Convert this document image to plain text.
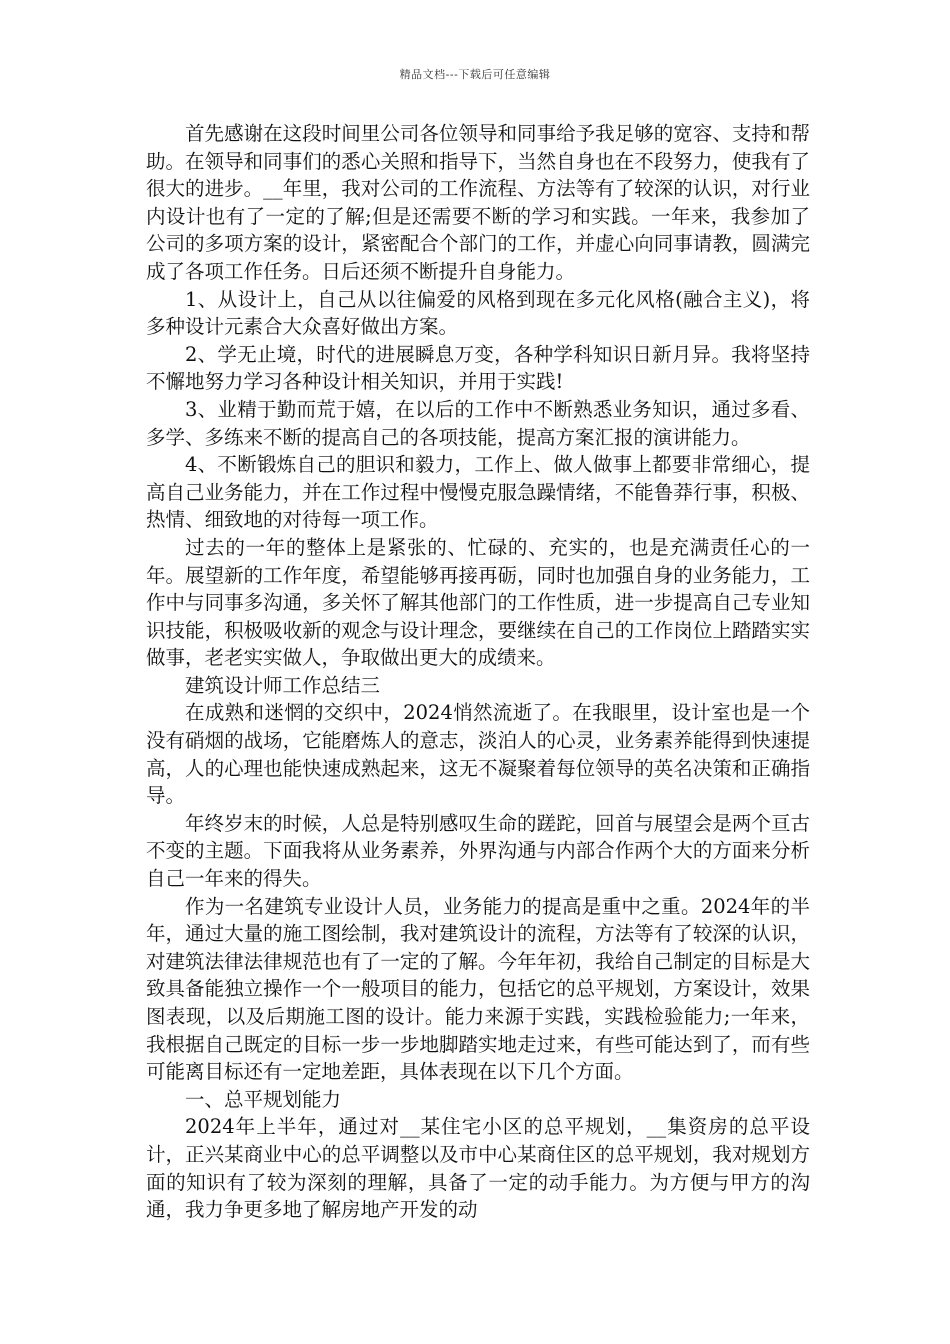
精品文档---下载后可任意编辑

首先感谢在这段时间里公司各位领导和同事给予我足够的宽容、支持和帮助。在领导和同事们的悉心关照和指导下，当然自身也在不段努力，使我有了很大的进步。__年里，我对公司的工作流程、方法等有了较深的认识，对行业内设计也有了一定的了解;但是还需要不断的学习和实践。一年来，我参加了公司的多项方案的设计，紧密配合个部门的工作，并虚心向同事请教，圆满完成了各项工作任务。日后还须不断提升自身能力。

1、从设计上，自己从以往偏爱的风格到现在多元化风格(融合主义)，将多种设计元素合大众喜好做出方案。

2、学无止境，时代的进展瞬息万变，各种学科知识日新月异。我将坚持不懈地努力学习各种设计相关知识，并用于实践!

3、业精于勤而荒于嬉，在以后的工作中不断熟悉业务知识，通过多看、多学、多练来不断的提高自己的各项技能，提高方案汇报的演讲能力。

4、不断锻炼自己的胆识和毅力，工作上、做人做事上都要非常细心，提高自己业务能力，并在工作过程中慢慢克服急躁情绪，不能鲁莽行事，积极、热情、细致地的对待每一项工作。

过去的一年的整体上是紧张的、忙碌的、充实的，也是充满责任心的一年。展望新的工作年度，希望能够再接再砺，同时也加强自身的业务能力，工作中与同事多沟通，多关怀了解其他部门的工作性质，进一步提高自己专业知识技能，积极吸收新的观念与设计理念，要继续在自己的工作岗位上踏踏实实做事，老老实实做人，争取做出更大的成绩来。

建筑设计师工作总结三

在成熟和迷惘的交织中，2024悄然流逝了。在我眼里，设计室也是一个没有硝烟的战场，它能磨炼人的意志，淡泊人的心灵，业务素养能得到快速提高，人的心理也能快速成熟起来，这无不凝聚着每位领导的英名决策和正确指导。

年终岁末的时候，人总是特别感叹生命的蹉跎，回首与展望会是两个亘古不变的主题。下面我将从业务素养，外界沟通与内部合作两个大的方面来分析自己一年来的得失。

作为一名建筑专业设计人员，业务能力的提高是重中之重。2024年的半年，通过大量的施工图绘制，我对建筑设计的流程，方法等有了较深的认识，对建筑法律法律规范也有了一定的了解。今年年初，我给自己制定的目标是大致具备能独立操作一个一般项目的能力，包括它的总平规划，方案设计，效果图表现，以及后期施工图的设计。能力来源于实践，实践检验能力;一年来，我根据自己既定的目标一步一步地脚踏实地走过来，有些可能达到了，而有些可能离目标还有一定地差距，具体表现在以下几个方面。

一、总平规划能力

2024年上半年，通过对__某住宅小区的总平规划，__集资房的总平设计，正兴某商业中心的总平调整以及市中心某商住区的总平规划，我对规划方面的知识有了较为深刻的理解，具备了一定的动手能力。为方便与甲方的沟通，我力争更多地了解房地产开发的动
